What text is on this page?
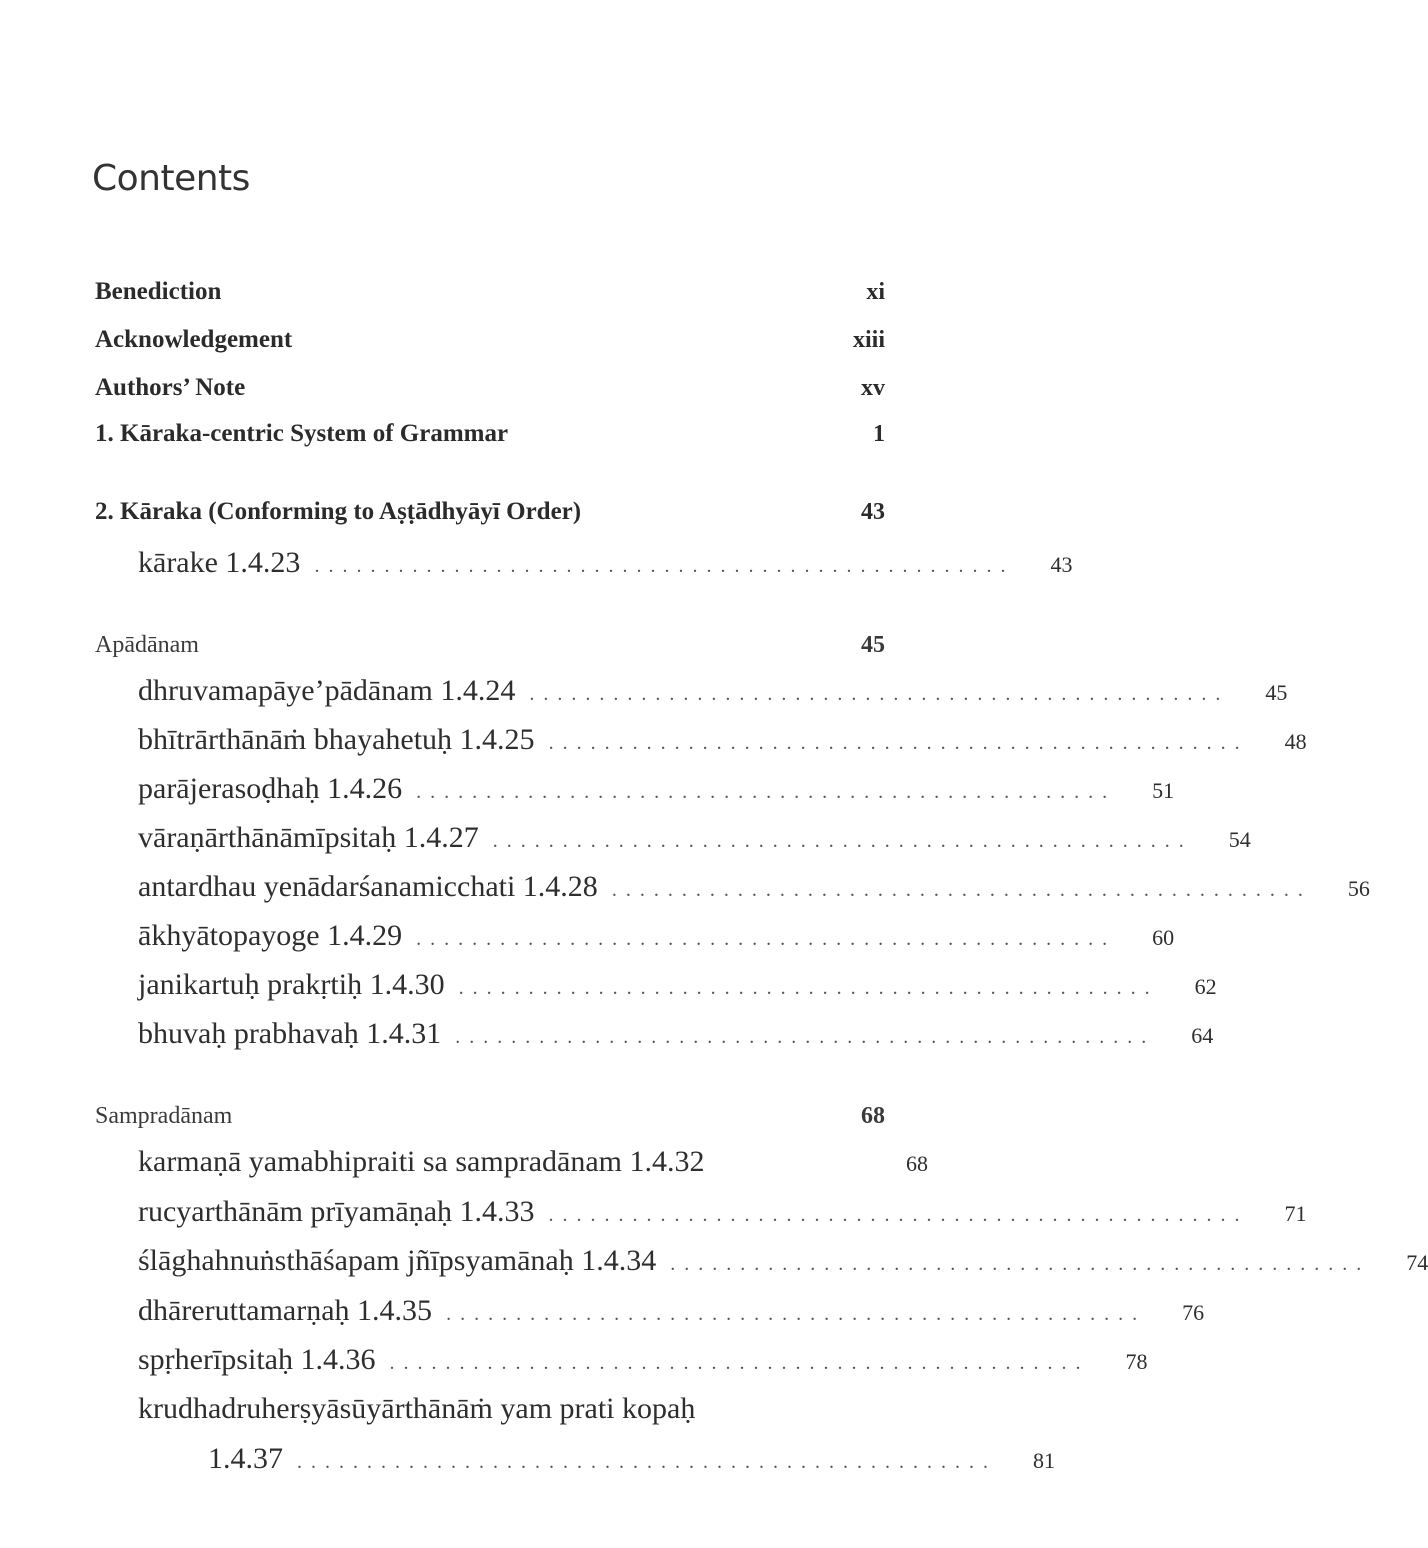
Contents
Benediction	xi
Acknowledgement	xiii
Authors’ Note	xv
1. Kāraka-centric System of Grammar	1
2. Kāraka (Conforming to Aṣṭādhyāyī Order)	43
kārake 1.4.23 ..................................................	43
Apādānam	45
dhruvamapāye’pādānam 1.4.24 ..................................................	45
bhītrārthānāṁ bhayahetuḥ 1.4.25 ..................................................	48
parājerasoḍhaḥ 1.4.26 ..................................................	51
vāraṇārthānāmīpsitaḥ 1.4.27 ..................................................	54
antardhau yenādarśanamicchati 1.4.28 ..................................................	56
ākhyātopayoge 1.4.29 ..................................................	60
janikartuḥ prakṛtiḥ 1.4.30 ..................................................	62
bhuvaḥ prabhavaḥ 1.4.31 ..................................................	64
Sampradānam	68
karmaṇā yamabhipraiti sa sampradānam 1.4.32	68
rucyarthānām prīyamāṇaḥ 1.4.33 ..................................................	71
ślāghahnuṅsthāśapam jñīpsyamānaḥ 1.4.34 ..................................................	74
dhāreruttamarṇaḥ 1.4.35 ..................................................	76
spṛherīpsitaḥ 1.4.36 ..................................................	78
krudhadruherṣyāsūyārthānāṁ yam prati kopaḥ
1.4.37 ..................................................	81
